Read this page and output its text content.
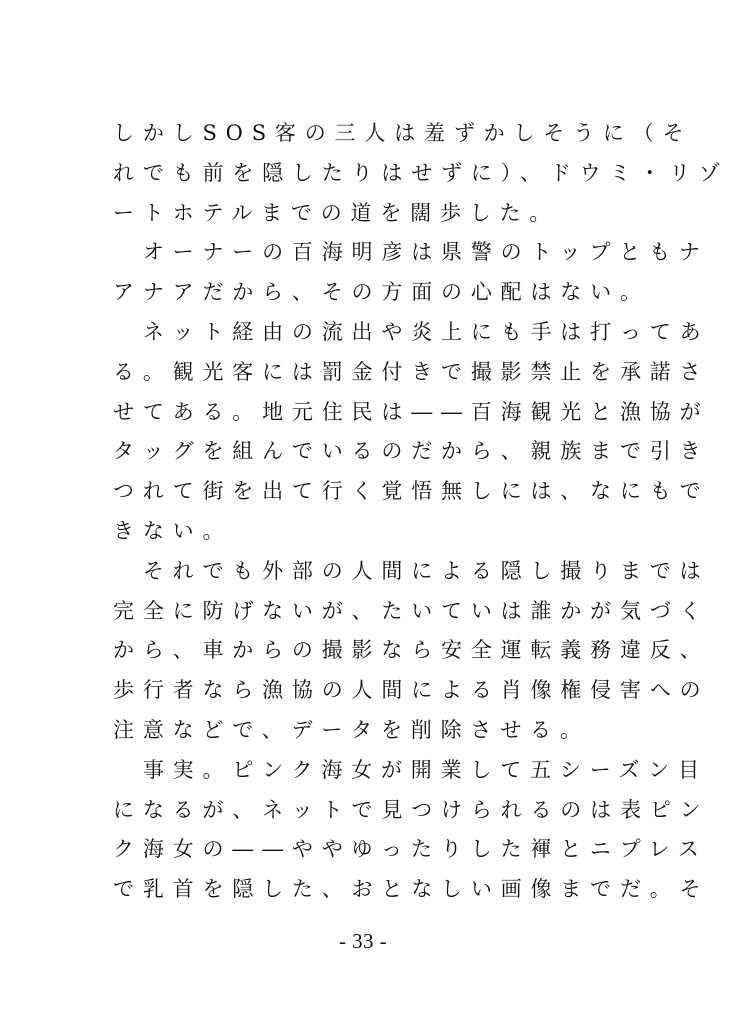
しかしSOS客の三人は羞ずかしそうに（そ
れでも前を隠したりはせずに）、ドウミ・リゾ
ートホテルまでの道を闊歩した。
　オーナーの百海明彦は県警のトップともナ
アナアだから、その方面の心配はない。
　ネット経由の流出や炎上にも手は打ってあ
る。観光客には罰金付きで撮影禁止を承諾さ
せてある。地元住民は――百海観光と漁協が
タッグを組んでいるのだから、親族まで引き
つれて街を出て行く覚悟無しには、なにもで
きない。
　それでも外部の人間による隠し撮りまでは
完全に防げないが、たいていは誰かが気づく
から、車からの撮影なら安全運転義務違反、
歩行者なら漁協の人間による肖像権侵害への
注意などで、データを削除させる。
　事実。ピンク海女が開業して五シーズン目
になるが、ネットで見つけられるのは表ピン
ク海女の――ややゆったりした褌とニプレス
で乳首を隠した、おとなしい画像までだ。そ
- 33 -
